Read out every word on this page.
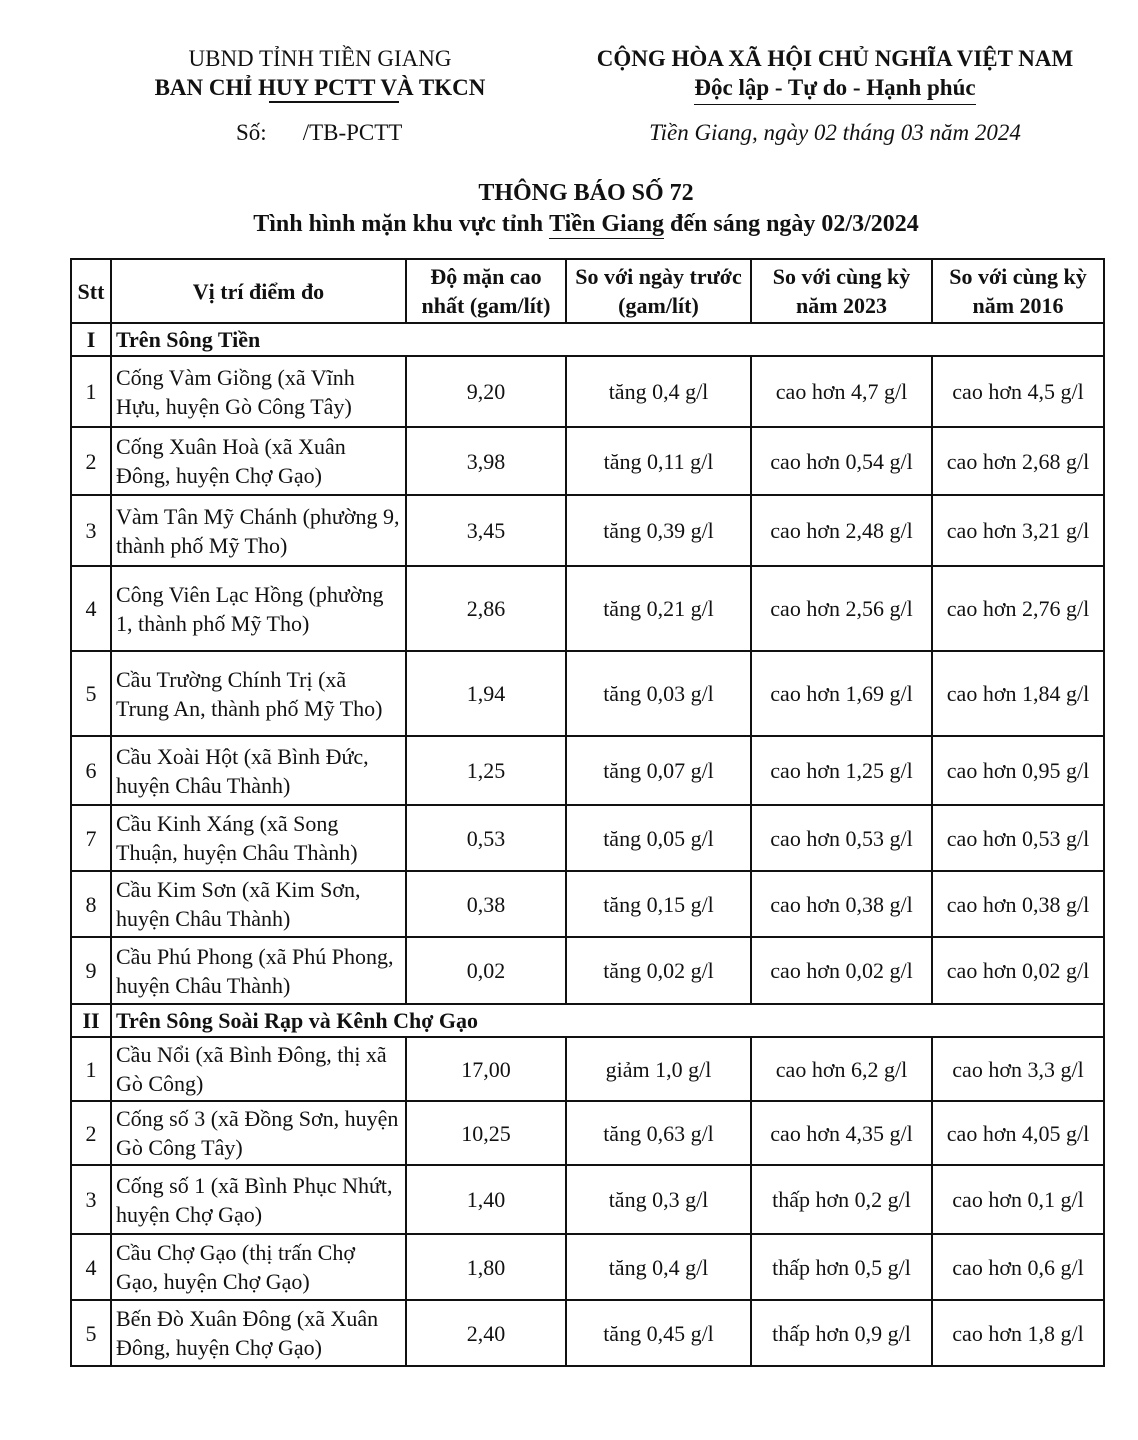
UBND TỈNH TIỀN GIANG
BAN CHỈ HUY PCTT VÀ TKCN
CỘNG HÒA XÃ HỘI CHỦ NGHĨA VIỆT NAM
Độc lập - Tự do - Hạnh phúc
Số: /TB-PCTT	Tiền Giang, ngày 02 tháng 03 năm 2024
THÔNG BÁO SỐ 72
Tình hình mặn khu vực tỉnh Tiền Giang đến sáng ngày 02/3/2024
Stt	Vị trí điểm đo	Độ mặn cao nhất (gam/lít)	So với ngày trước (gam/lít)	So với cùng kỳ năm 2023	So với cùng kỳ năm 2016
I	Trên Sông Tiền				
1	Cống Vàm Giồng (xã Vĩnh Hựu, huyện Gò Công Tây)	9,20	tăng 0,4 g/l	cao hơn 4,7 g/l	cao hơn 4,5 g/l
2	Cống Xuân Hoà (xã Xuân Đông, huyện Chợ Gạo)	3,98	tăng 0,11 g/l	cao hơn 0,54 g/l	cao hơn 2,68 g/l
3	Vàm Tân Mỹ Chánh (phường 9, thành phố Mỹ Tho)	3,45	tăng 0,39 g/l	cao hơn 2,48 g/l	cao hơn 3,21 g/l
4	Công Viên Lạc Hồng (phường 1, thành phố Mỹ Tho)	2,86	tăng 0,21 g/l	cao hơn 2,56 g/l	cao hơn 2,76 g/l
5	Cầu Trường Chính Trị (xã Trung An, thành phố Mỹ Tho)	1,94	tăng 0,03 g/l	cao hơn 1,69 g/l	cao hơn 1,84 g/l
6	Cầu Xoài Hột (xã Bình Đức, huyện Châu Thành)	1,25	tăng 0,07 g/l	cao hơn 1,25 g/l	cao hơn 0,95 g/l
7	Cầu Kinh Xáng (xã Song Thuận, huyện Châu Thành)	0,53	tăng 0,05 g/l	cao hơn 0,53 g/l	cao hơn 0,53 g/l
8	Cầu Kim Sơn (xã Kim Sơn, huyện Châu Thành)	0,38	tăng 0,15 g/l	cao hơn 0,38 g/l	cao hơn 0,38 g/l
9	Cầu Phú Phong (xã Phú Phong, huyện Châu Thành)	0,02	tăng 0,02 g/l	cao hơn 0,02 g/l	cao hơn 0,02 g/l
II	Trên Sông Soài Rạp và Kênh Chợ Gạo				
1	Cầu Nổi (xã Bình Đông, thị xã Gò Công)	17,00	giảm 1,0 g/l	cao hơn 6,2 g/l	cao hơn 3,3 g/l
2	Cống số 3 (xã Đồng Sơn, huyện Gò Công Tây)	10,25	tăng 0,63 g/l	cao hơn 4,35 g/l	cao hơn 4,05 g/l
3	Cống số 1 (xã Bình Phục Nhứt, huyện Chợ Gạo)	1,40	tăng 0,3 g/l	thấp hơn 0,2 g/l	cao hơn 0,1 g/l
4	Cầu Chợ Gạo (thị trấn Chợ Gạo, huyện Chợ Gạo)	1,80	tăng 0,4 g/l	thấp hơn 0,5 g/l	cao hơn 0,6 g/l
5	Bến Đò Xuân Đông (xã Xuân Đông, huyện Chợ Gạo)	2,40	tăng 0,45 g/l	thấp hơn 0,9 g/l	cao hơn 1,8 g/l
